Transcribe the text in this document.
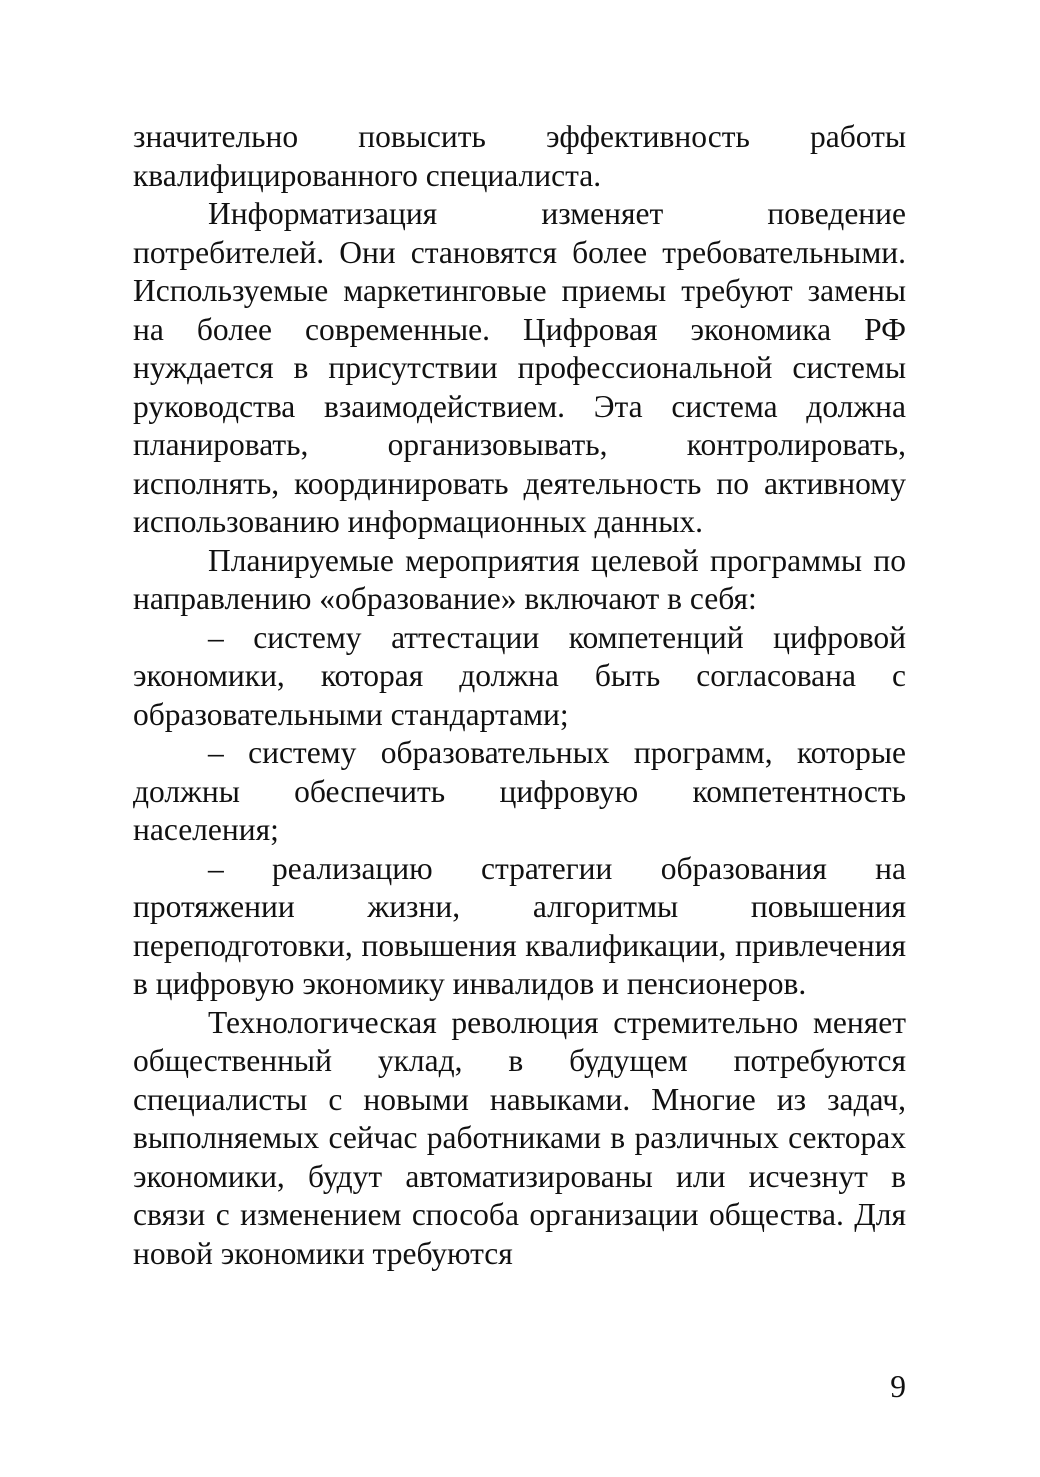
значительно повысить эффективность работы квалифицированного специалиста.

Информатизация изменяет поведение потребителей. Они становятся более требовательными. Используемые маркетинговые приемы требуют замены на более современные. Цифровая экономика РФ нуждается в присутствии профессиональной системы руководства взаимодействием. Эта система должна планировать, организовывать, контролировать, исполнять, координировать деятельность по активному использованию информационных данных.

Планируемые мероприятия целевой программы по направлению «образование» включают в себя:

– систему аттестации компетенций цифровой экономики, которая должна быть согласована с образовательными стандартами;

– систему образовательных программ, которые должны обеспечить цифровую компетентность населения;

– реализацию стратегии образования на протяжении жизни, алгоритмы повышения переподготовки, повышения квалификации, привлечения в цифровую экономику инвалидов и пенсионеров.

Технологическая революция стремительно меняет общественный уклад, в будущем потребуются специалисты с новыми навыками. Многие из задач, выполняемых сейчас работниками в различных секторах экономики, будут автоматизированы или исчезнут в связи с изменением способа организации общества. Для новой экономики требуются

9
